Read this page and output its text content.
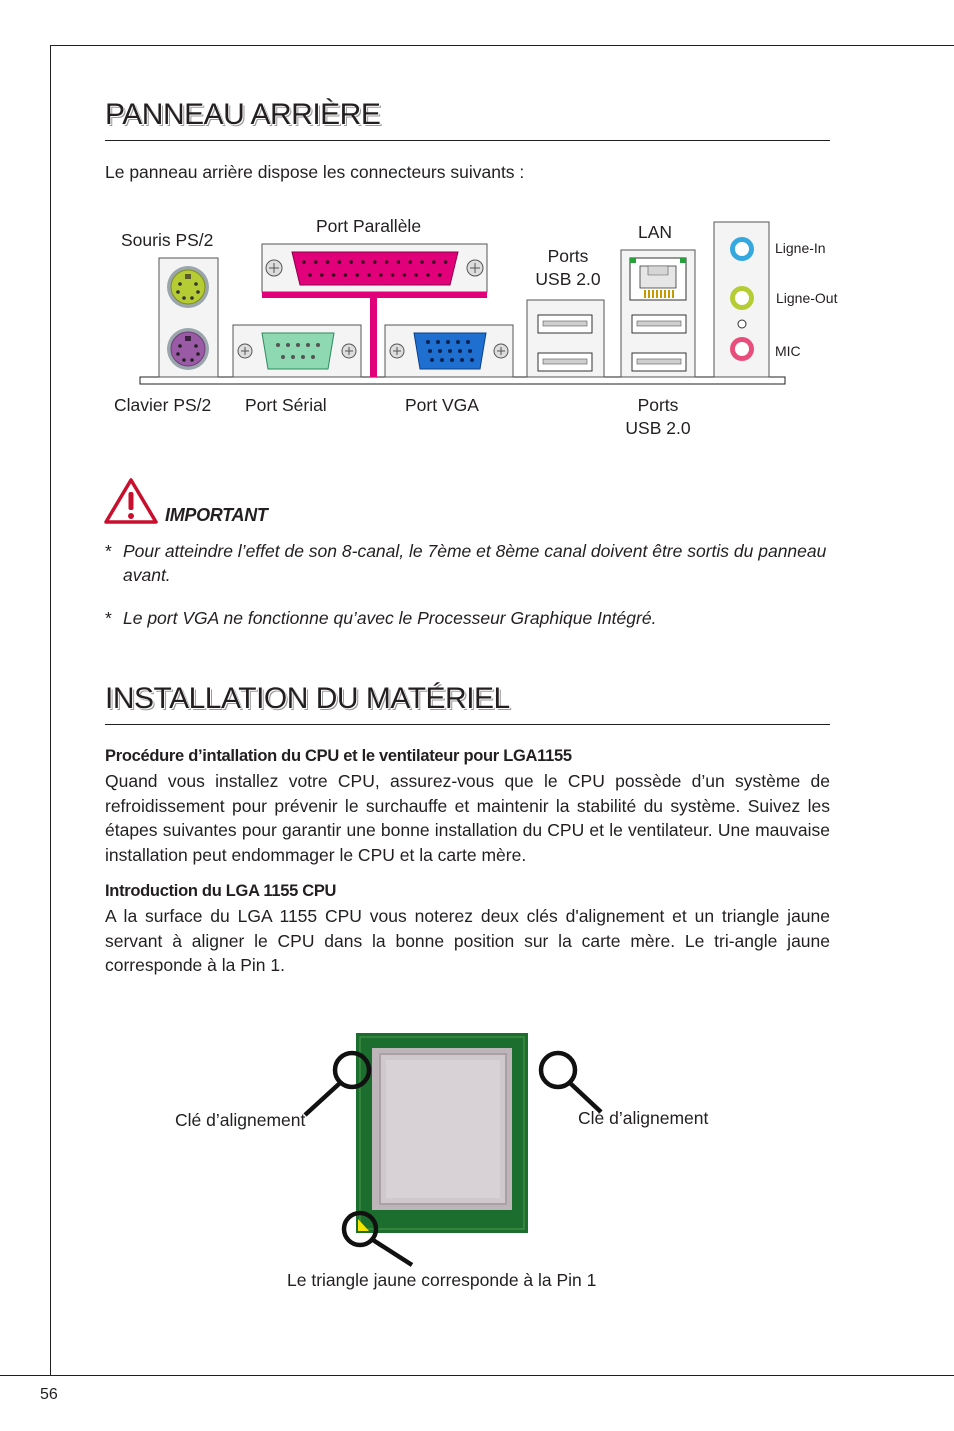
PANNEAU ARRIÈRE

Le panneau arrière dispose les connecteurs suivants :

Souris PS/2
Port Parallèle
Ports
USB 2.0
LAN
Ligne-In
Ligne-Out
MIC
Clavier PS/2 Port Sérial	Port VGA	Ports
USB 2.0
IMPORTANT
* Pour atteindre l’effet de son 8-canal, le 7ème et 8ème canal doivent être sortis du panneau avant.
* Le port VGA ne fonctionne qu’avec le Processeur Graphique Intégré.
INSTALLATION DU MATÉRIEL
Procédure d’intallation du CPU et le ventilateur pour LGA1155

Quand vous installez votre CPU, assurez-vous que le CPU possède d’un système de refroidissement pour prévenir le surchauffe et maintenir la stabilité du système. Suivez les étapes suivantes pour garantir une bonne installation du CPU et le ventilateur. Une mauvaise installation peut endommager le CPU et la carte mère.

Introduction du LGA 1155 CPU

A la surface du LGA 1155 CPU vous noterez deux clés d'alignement et un triangle jaune servant à aligner le CPU dans la bonne position sur la carte mère. Le tri-angle jaune corresponde à la Pin 1.

Clé d’alignement	Clé d’alignement
Le triangle jaune corresponde à la Pin 1
56
